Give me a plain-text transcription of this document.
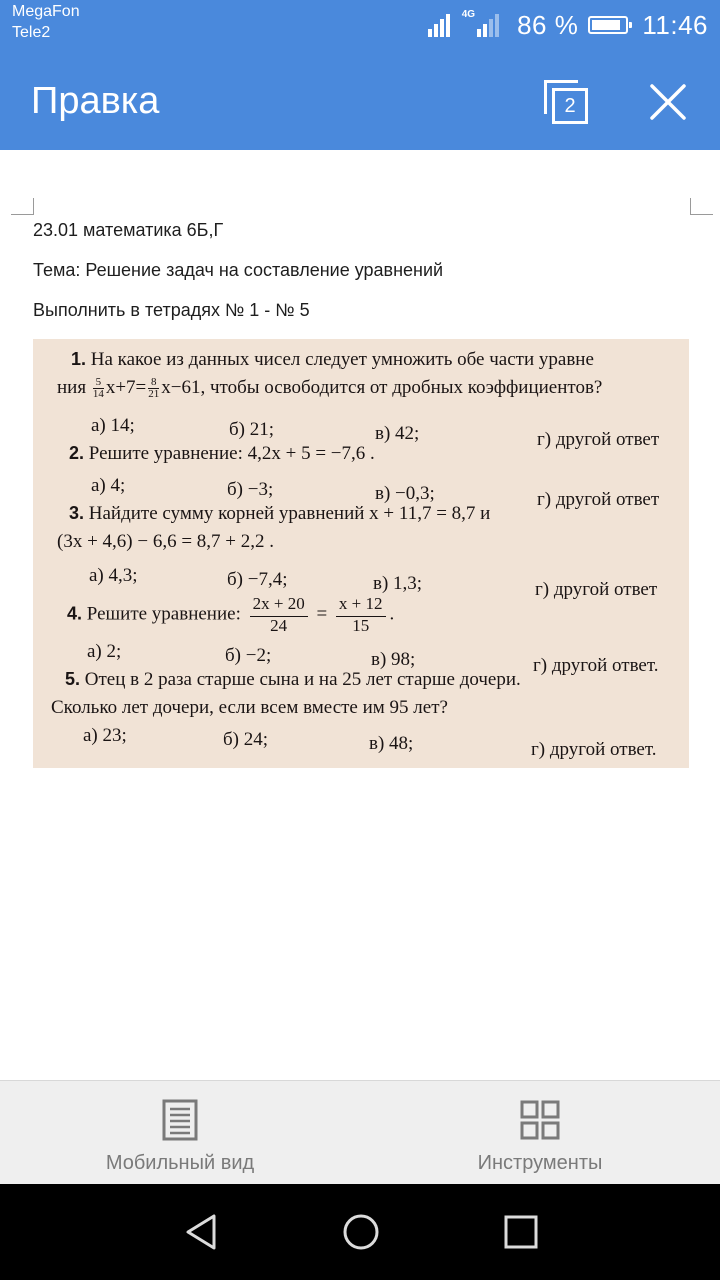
MegaFon
Tele2
4G 86 % 11:46
Правка	2
23.01 математика 6Б,Г
Тема: Решение задач на составление уравнений
Выполнить в тетрадях № 1 - № 5
1. На какое из данных чисел следует умножить обе части уравне
ния $\frac{5}{14} x+7= \frac{8}{21} x-61$, чтобы освободится от дробных коэффициентов?
а) 14;	б) 21;	в) 42;	г) другой ответ
2. Решите уравнение: 4,2x + 5 = −7,6 .
а) 4;	б) −3;	в) −0,3;	г) другой ответ
3. Найдите сумму корней уравнений x + 11,7 = 8,7 и
(3x + 4,6) − 6,6 = 8,7 + 2,2 .
а) 4,3;	б) −7,4;	в) 1,3;	г) другой ответ
4. Решите уравнение: $\frac{2x + 20}{24} = \frac{x + 12}{15}$ .
а) 2;	б) −2;	в) 98;	г) другой ответ.
5. Отец в 2 раза старше сына и на 25 лет старше дочери.
Сколько лет дочери, если всем вместе им 95 лет?
а) 23;	б) 24;	в) 48;	г) другой ответ.
Мобильный вид	Инструменты
